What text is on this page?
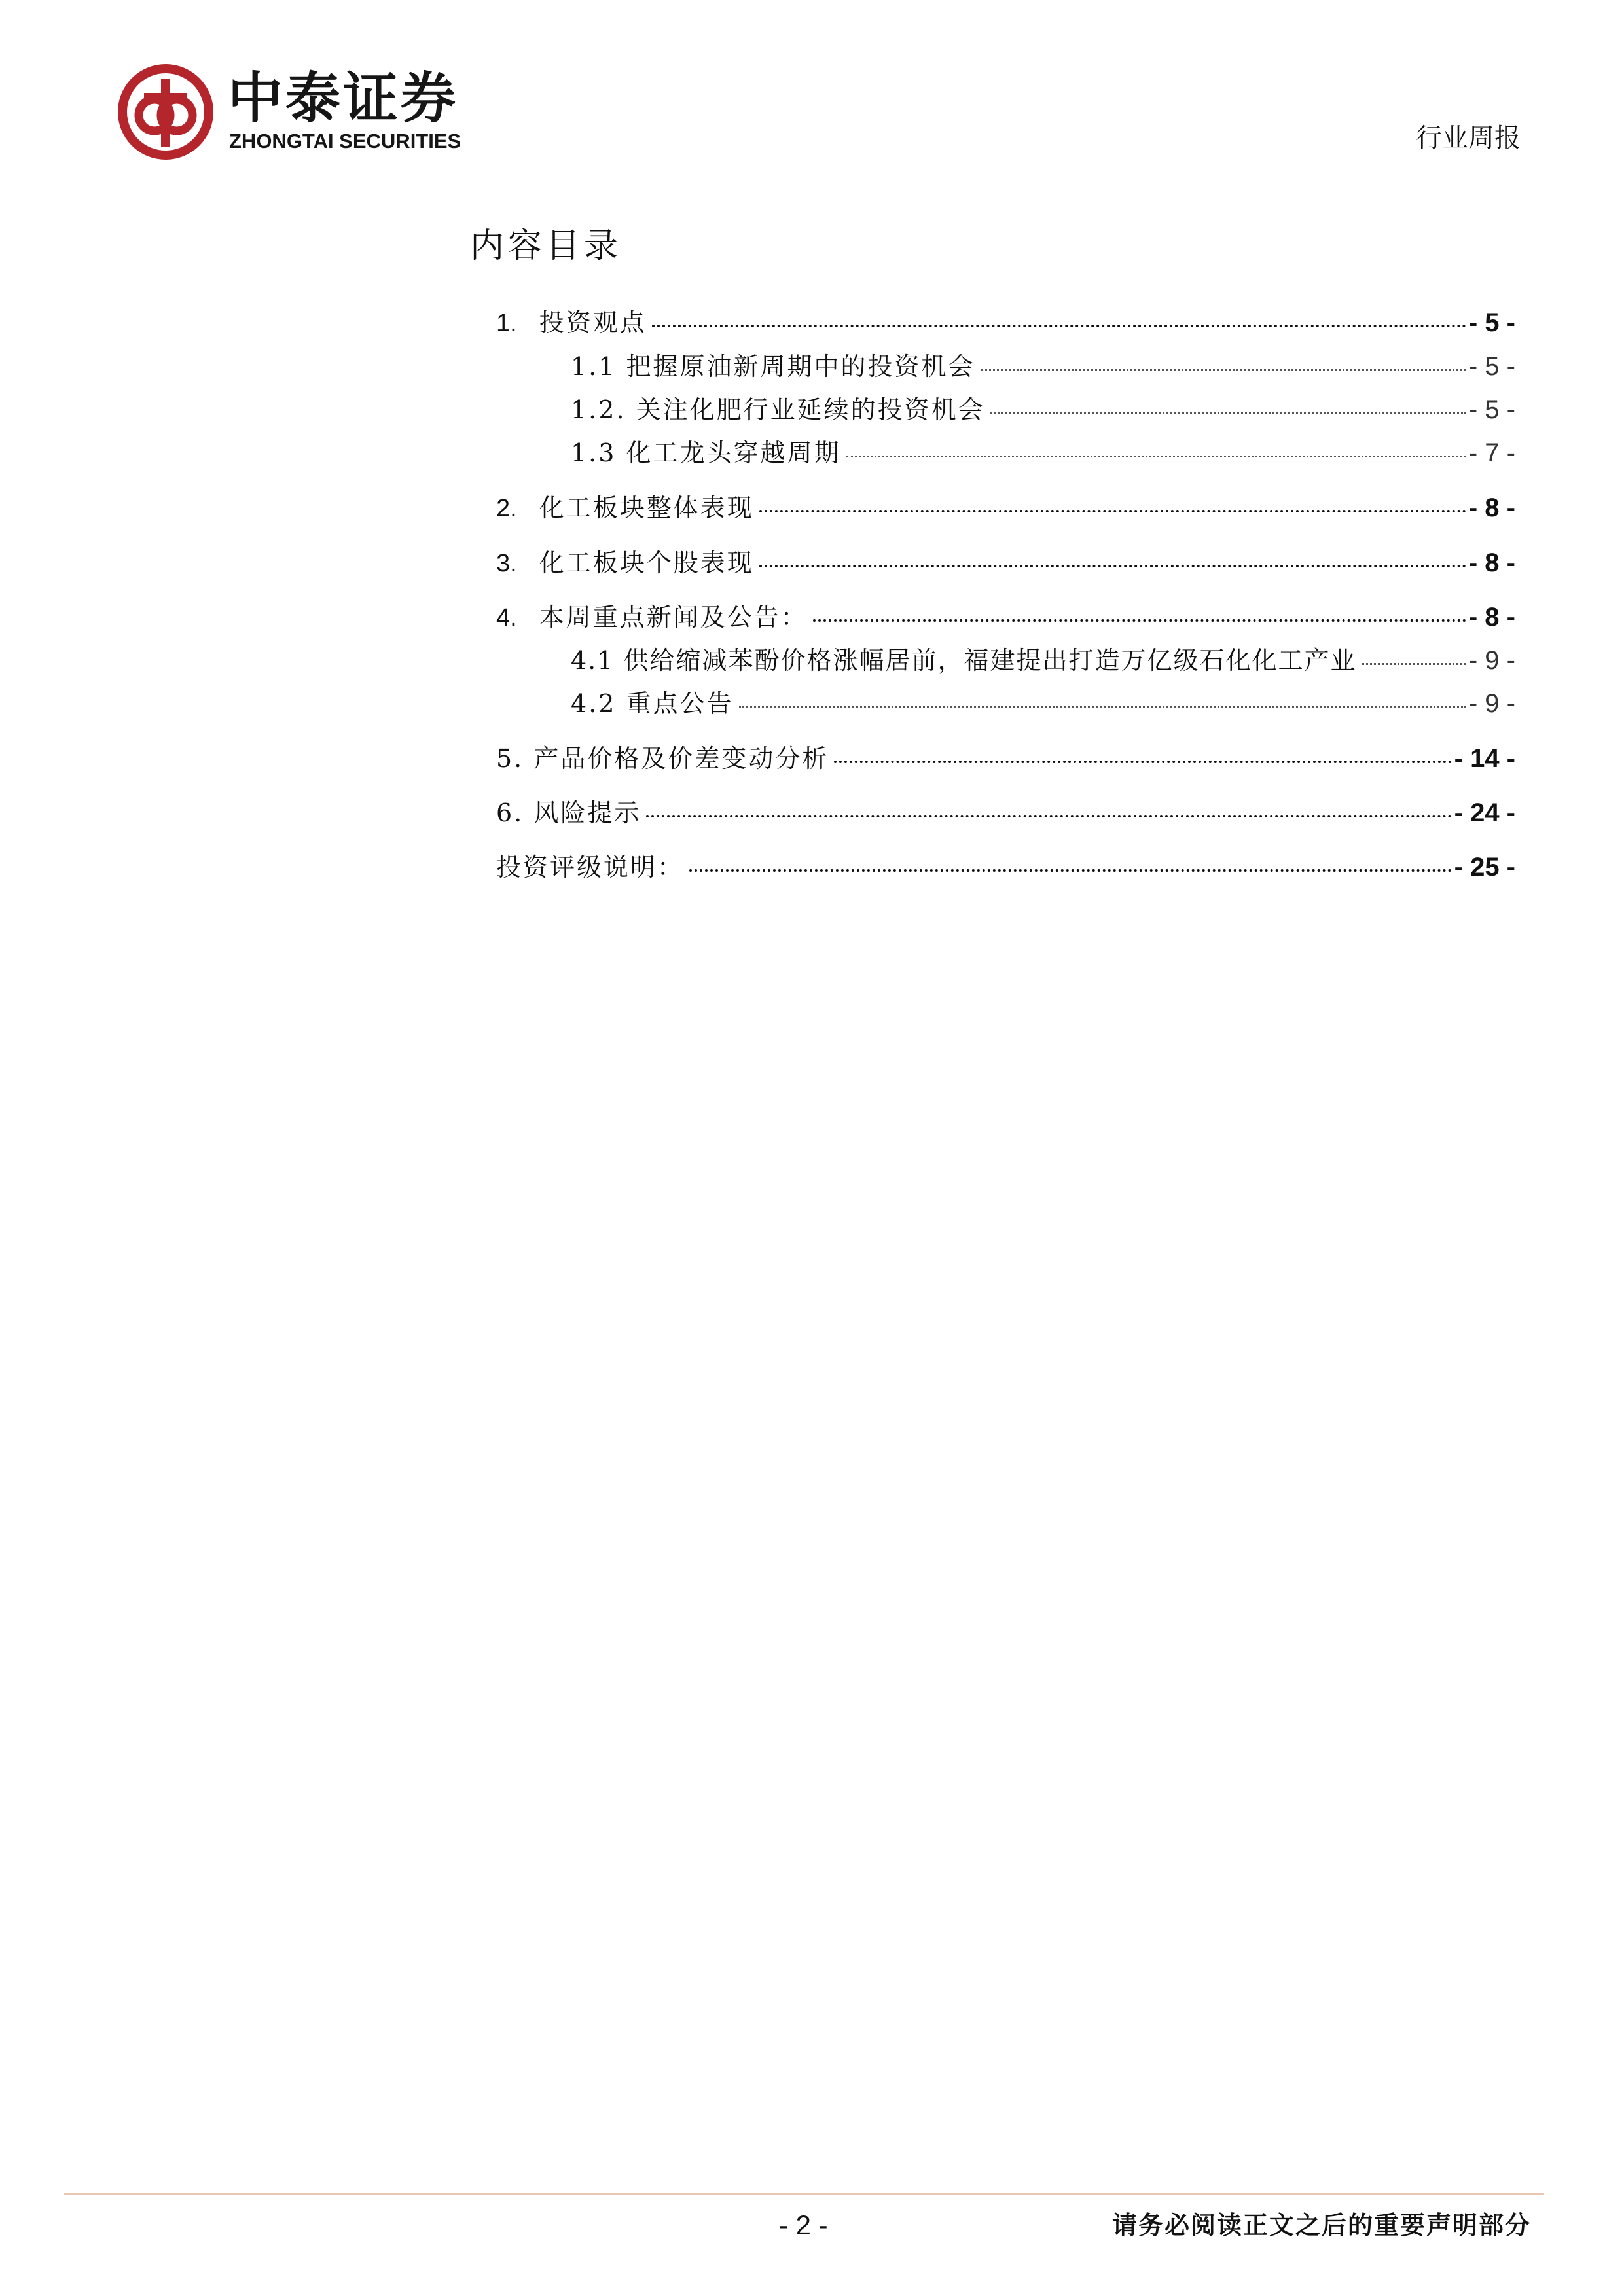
中泰证券
ZHONGTAI SECURITIES	行业周报
内容目录
1. 投资观点	- 5 -
1.1 把握原油新周期中的投资机会	- 5 -
1.2. 关注化肥行业延续的投资机会	- 5 -
1.3 化工龙头穿越周期	- 7 -
2. 化工板块整体表现	- 8 -
3. 化工板块个股表现	- 8 -
4. 本周重点新闻及公告：	- 8 -
4.1 供给缩减苯酚价格涨幅居前，福建提出打造万亿级石化化工产业	- 9 -
4.2 重点公告	- 9 -
5. 产品价格及价差变动分析	- 14 -
6. 风险提示	- 24 -
投资评级说明：	- 25 -
- 2 -	请务必阅读正文之后的重要声明部分
